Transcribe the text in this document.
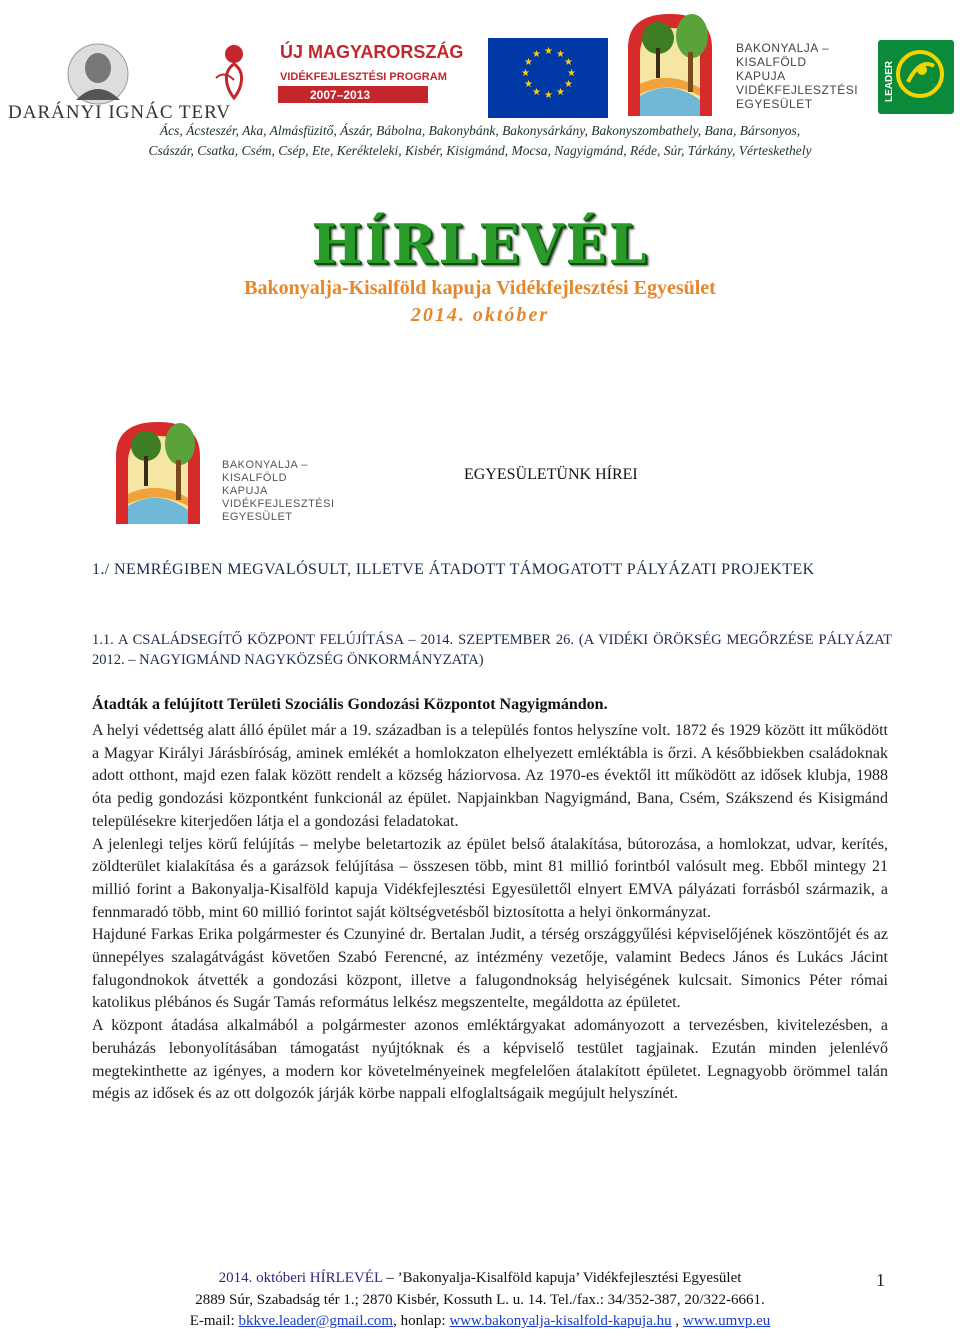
DARÁNYI IGNÁC TERV
ÚJ MAGYARORSZÁG
VIDÉKFEJLESZTÉSI PROGRAM
2007–2013
★ ★
★
★
★
★
★
★
★
★
★
★	BAKONYALJA –
KISALFÖLD
KAPUJA
VIDÉKFEJLESZTÉSI
EGYESÜLET
LEADER
Ács, Ácsteszér, Aka, Almásfüzitő, Ászár, Bábolna, Bakonybánk, Bakonysárkány, Bakonyszombathely, Bana, Bársonyos,
Császár, Csatka, Csém, Csép, Ete, Kerékteleki, Kisbér, Kisigmánd, Mocsa, Nagyigmánd, Réde, Súr, Tárkány, Vérteskethely
HÍRLEVÉL
Bakonyalja-Kisalföld kapuja Vidékfejlesztési Egyesület
2014. október
BAKONYALJA –
KISALFÖLD
KAPUJA
VIDÉKFEJLESZTÉSI
EGYESÜLET
EGYESÜLETÜNK HÍREI
1./ NEMRÉGIBEN MEGVALÓSULT, ILLETVE ÁTADOTT TÁMOGATOTT PÁLYÁZATI PROJEKTEK
1.1. A CSALÁDSEGÍTŐ KÖZPONT FELÚJÍTÁSA – 2014. SZEPTEMBER 26. (A VIDÉKI ÖRÖKSÉG MEGŐRZÉSE PÁLYÁZAT 2012. – NAGYIGMÁND NAGYKÖZSÉG ÖNKORMÁNYZATA)
Átadták a felújított Területi Szociális Gondozási Központot Nagyigmándon.

A helyi védettség alatt álló épület már a 19. században is a település fontos helyszíne volt. 1872 és 1929 között itt működött a Magyar Királyi Járásbíróság, aminek emlékét a homlokzaton elhelyezett emléktábla is őrzi. A későbbiekben családoknak adott otthont, majd ezen falak között rendelt a község háziorvosa. Az 1970-es évektől itt működött az idősek klubja, 1988 óta pedig gondozási központként funkcionál az épület. Napjainkban Nagyigmánd, Bana, Csém, Szákszend és Kisigmánd településekre kiterjedően látja el a gondozási feladatokat.

A jelenlegi teljes körű felújítás – melybe beletartozik az épület belső átalakítása, bútorozása, a homlokzat, udvar, kerítés, zöldterület kialakítása és a garázsok felújítása – összesen több, mint 81 millió forintból valósult meg. Ebből mintegy 21 millió forint a Bakonyalja-Kisalföld kapuja Vidékfejlesztési Egyesülettől elnyert EMVA pályázati forrásból származik, a fennmaradó több, mint 60 millió forintot saját költségvetésből biztosította a helyi önkormányzat.

Hajduné Farkas Erika polgármester és Czunyiné dr. Bertalan Judit, a térség országgyűlési képviselőjének köszöntőjét és az ünnepélyes szalagátvágást követően Szabó Ferencné, az intézmény vezetője, valamint Bedecs János és Lukács Jácint falugondnokok átvették a gondozási központ, illetve a falugondnokság helyiségének kulcsait. Simonics Péter római katolikus plébános és Sugár Tamás református lelkész megszentelte, megáldotta az épületet.

A központ átadása alkalmából a polgármester azonos emléktárgyakat adományozott a tervezésben, kivitelezésben, a beruházás lebonyolításában támogatást nyújtóknak és a képviselő testület tagjainak. Ezután minden jelenlévő megtekinthette az igényes, a modern kor követelményeinek megfelelően átalakított épületet. Legnagyobb örömmel talán mégis az idősek és az ott dolgozók járják körbe nappali elfoglaltságaik megújult helyszínét.

2014. októberi HÍRLEVÉL – ’Bakonyalja-Kisalföld kapuja’ Vidékfejlesztési Egyesület
2889 Súr, Szabadság tér 1.; 2870 Kisbér, Kossuth L. u. 14. Tel./fax.: 34/352-387, 20/322-6661.
E-mail: bkkve.leader@gmail.com, honlap: www.bakonyalja-kisalfold-kapuja.hu , www.umvp.eu
1
